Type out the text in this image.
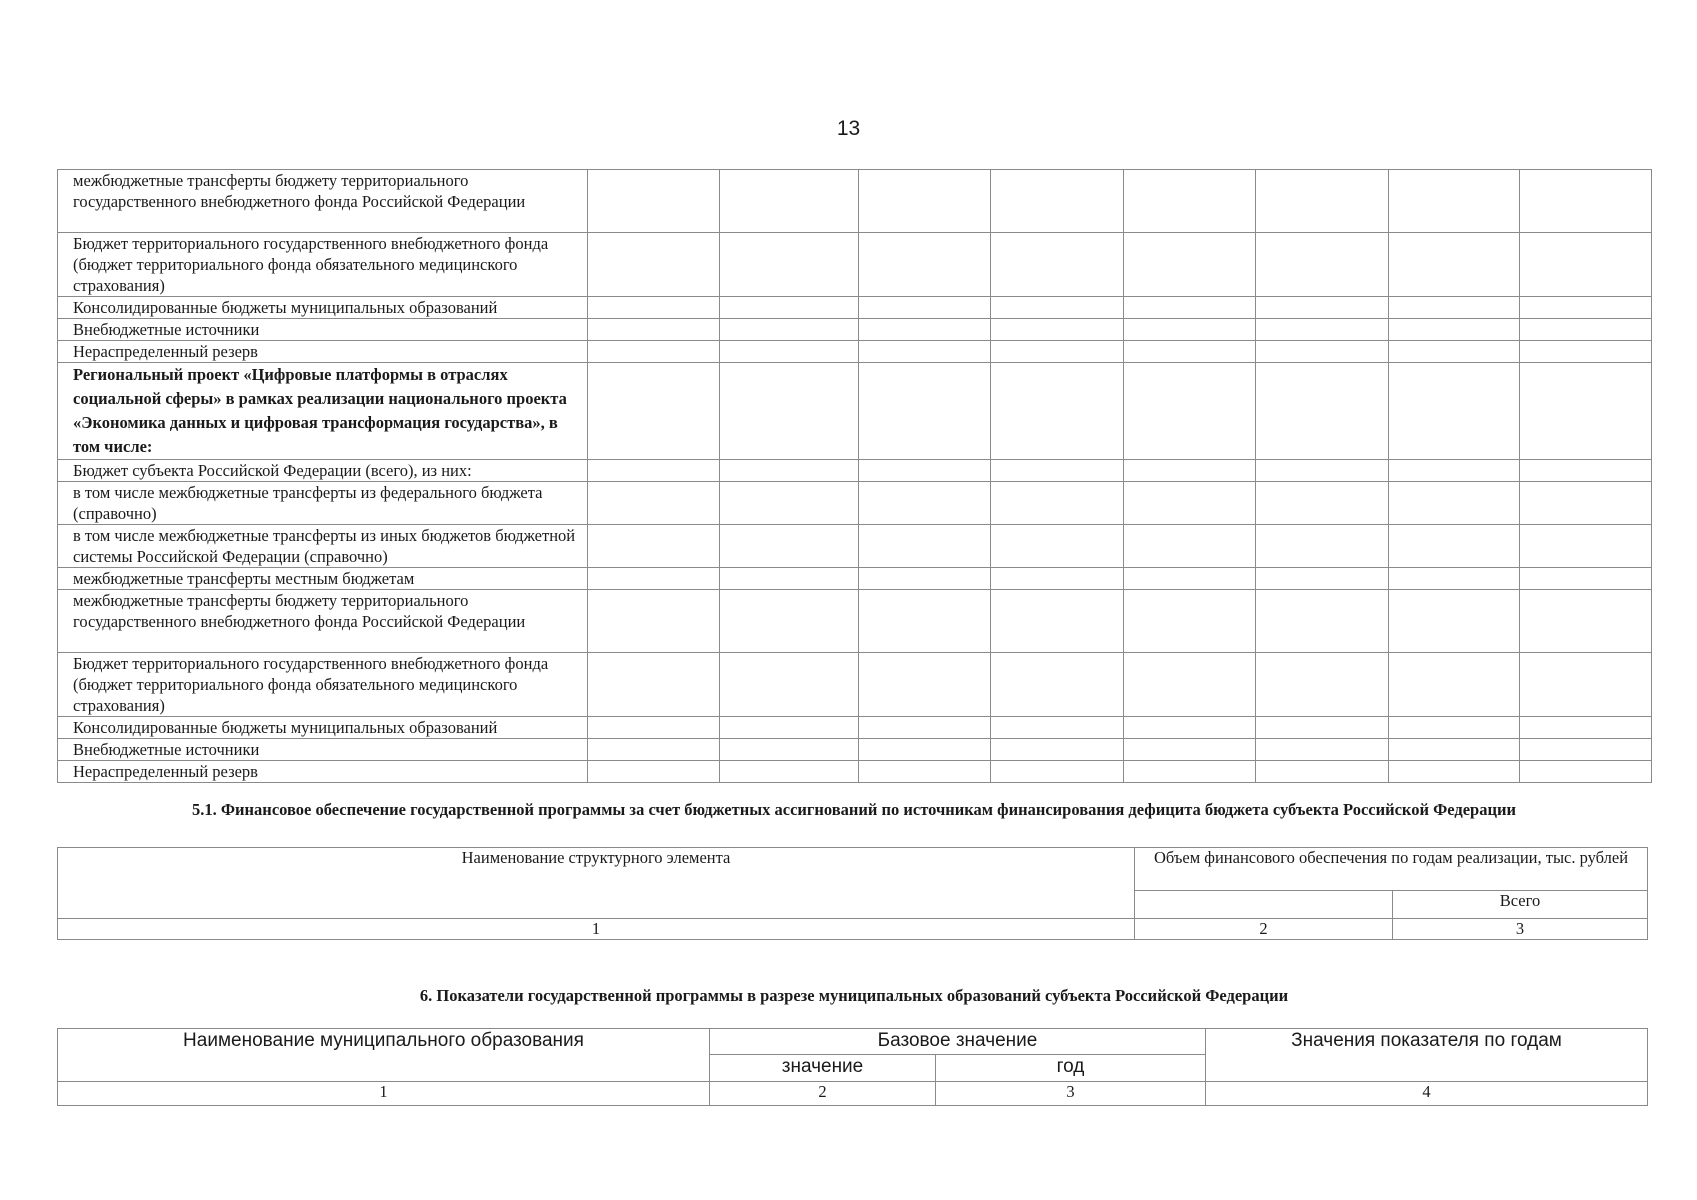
13
межбюджетные трансферты бюджету территориального государственного внебюджетного фонда Российской Федерации								
Бюджет территориального государственного внебюджетного фонда (бюджет территориального фонда обязательного медицинского страхования)								
Консолидированные бюджеты муниципальных образований								
Внебюджетные источники								
Нераспределенный резерв								
Региональный проект «Цифровые платформы в отраслях социальной сферы» в рамках реализации национального проекта «Экономика данных и цифровая трансформация государства», в том числе:								
Бюджет субъекта Российской Федерации (всего), из них:								
в том числе межбюджетные трансферты из федерального бюджета (справочно)								
в том числе межбюджетные трансферты из иных бюджетов бюджетной системы Российской Федерации (справочно)								
межбюджетные трансферты местным бюджетам								
межбюджетные трансферты бюджету территориального государственного внебюджетного фонда Российской Федерации								
Бюджет территориального государственного внебюджетного фонда (бюджет территориального фонда обязательного медицинского страхования)								
Консолидированные бюджеты муниципальных образований								
Внебюджетные источники								
Нераспределенный резерв								
5.1. Финансовое обеспечение государственной программы за счет бюджетных ассигнований по источникам финансирования дефицита бюджета субъекта Российской Федерации
Наименование структурного элемента	Объем финансового обеспечения по годам реализации, тыс. рублей	
		Всего
1	2	3
6. Показатели государственной программы в разрезе муниципальных образований субъекта Российской Федерации
Наименование муниципального образования	Базовое значение		Значения показателя по годам
	значение	год	
1	2	3	4
